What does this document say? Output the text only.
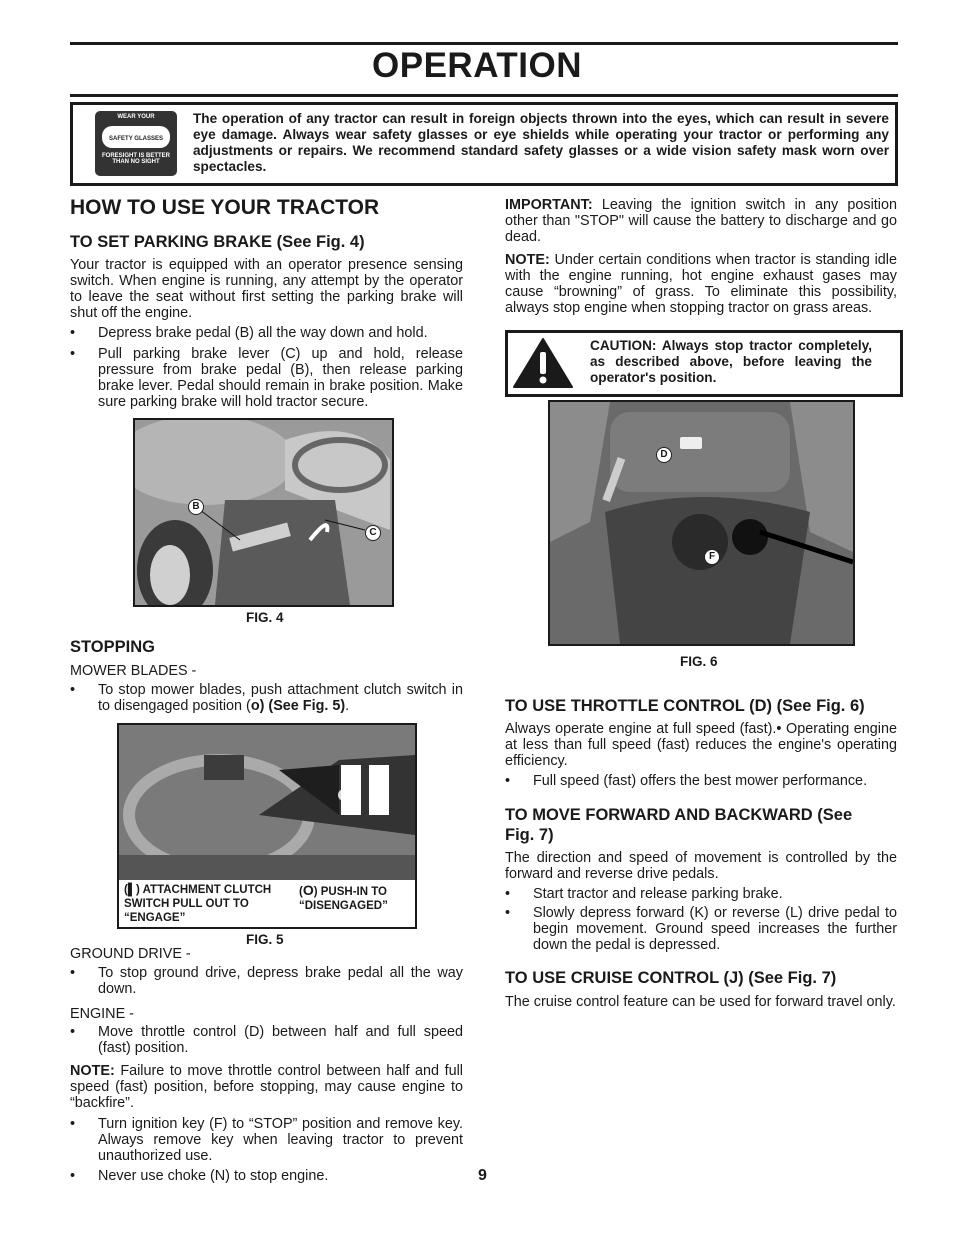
OPERATION
WEAR YOUR
SAFETY GLASSES
FORESIGHT IS BETTER
THAN NO SIGHT
The operation of any tractor can result in foreign objects thrown into the eyes, which can result in severe eye damage. Always wear safety glasses or eye shields while operating your tractor or performing any adjustments or repairs. We recommend standard safety glasses or a wide vision safety mask worn over spectacles.
HOW TO USE YOUR TRACTOR
TO SET PARKING BRAKE (See Fig. 4)
Your tractor is equipped with an operator presence sensing switch. When engine is running, any attempt by the operator to leave the seat without first setting the parking brake will shut off the engine.
• Depress brake pedal (B) all the way down and hold.
• Pull parking brake lever (C) up and hold, release pressure from brake pedal (B), then release parking brake lever. Pedal should remain in brake position. Make sure parking brake will hold tractor secure.
B
C
FIG. 4
STOPPING
MOWER BLADES -
• To stop mower blades, push attachment clutch switch in to disengaged position (o) (See Fig. 5).
(▌) ATTACHMENT CLUTCH SWITCH PULL OUT TO “ENGAGE”
(O) PUSH-IN TO “DISENGAGED”
FIG. 5
GROUND DRIVE -
• To stop ground drive, depress brake pedal all the way down.
ENGINE -
• Move throttle control (D) between half and full speed (fast) position.
NOTE: Failure to move throttle control between half and full speed (fast) position, before stopping, may cause engine to “backfire”.
• Turn ignition key (F) to “STOP” position and remove key. Always remove key when leaving tractor to prevent unauthorized use.
• Never use choke (N) to stop engine.
IMPORTANT: Leaving the ignition switch in any position other than "STOP" will cause the battery to discharge and go dead.
NOTE: Under certain conditions when tractor is standing idle with the engine running, hot engine exhaust gases may cause “browning” of grass. To eliminate this possibility, always stop engine when stopping tractor on grass areas.
CAUTION: Always stop tractor completely, as described above, before leaving the operator's position.
D
F
FIG. 6
TO USE THROTTLE CONTROL (D) (See Fig. 6)
Always operate engine at full speed (fast).• Operating engine at less than full speed (fast) reduces the engine's operating efficiency.
• Full speed (fast) offers the best mower performance.
TO MOVE FORWARD AND BACKWARD (See Fig. 7)
The direction and speed of movement is controlled by the forward and reverse drive pedals.
• Start tractor and release parking brake.
• Slowly depress forward (K) or reverse (L) drive pedal to begin movement. Ground speed increases the further down the pedal is depressed.
TO USE CRUISE CONTROL (J) (See Fig. 7)
The cruise control feature can be used for forward travel only.
9
